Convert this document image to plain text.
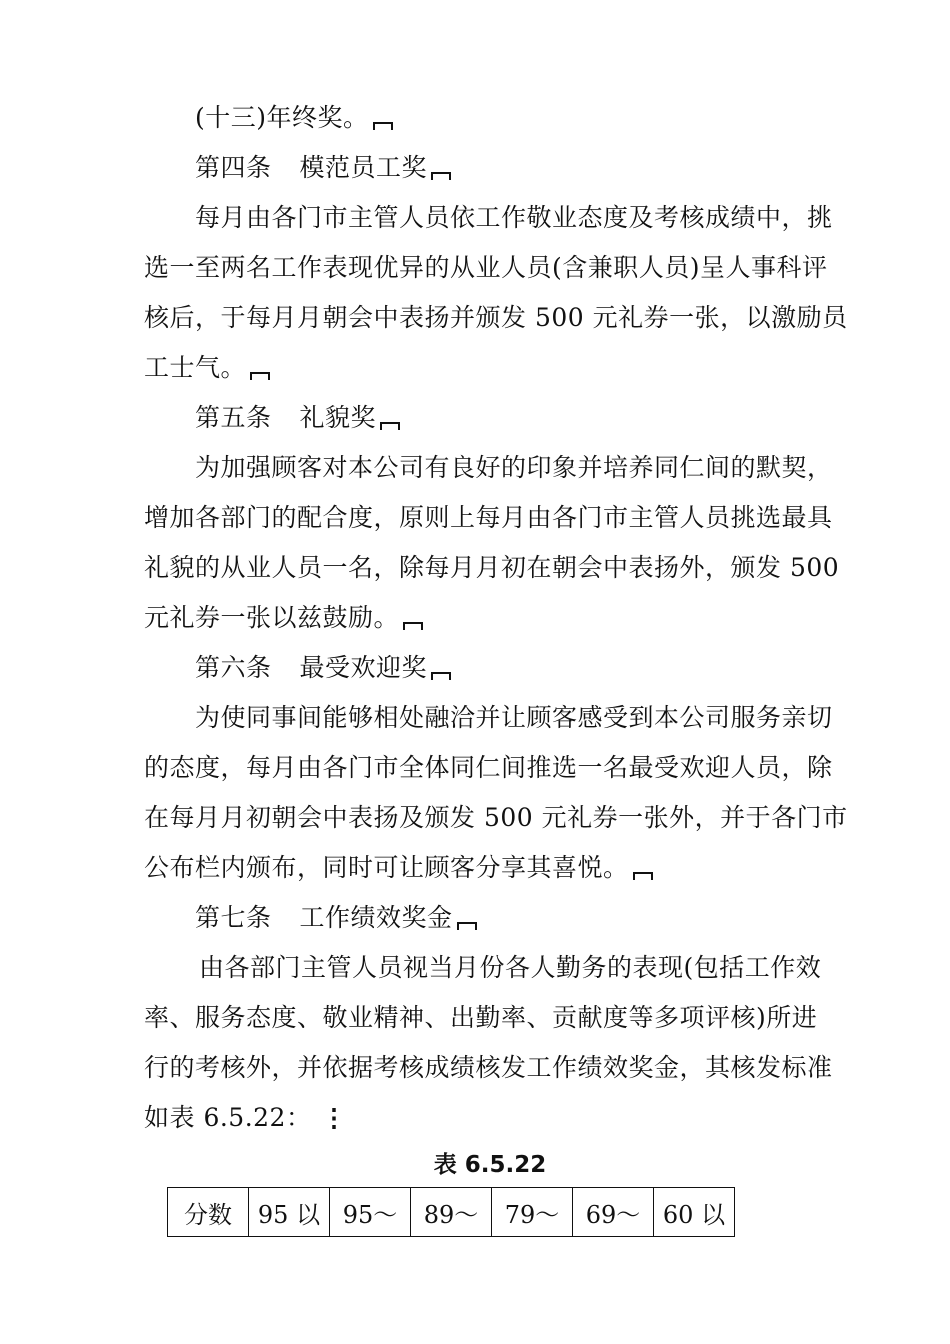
(十三)年终奖。
第四条 模范员工奖
每月由各门市主管人员依工作敬业态度及考核成绩中，挑
选一至两名工作表现优异的从业人员(含兼职人员)呈人事科评
核后，于每月月朝会中表扬并颁发 500 元礼券一张，以激励员
工士气。
第五条 礼貌奖
为加强顾客对本公司有良好的印象并培养同仁间的默契，
增加各部门的配合度，原则上每月由各门市主管人员挑选最具
礼貌的从业人员一名，除每月月初在朝会中表扬外，颁发 500
元礼券一张以兹鼓励。
第六条 最受欢迎奖
为使同事间能够相处融洽并让顾客感受到本公司服务亲切
的态度，每月由各门市全体同仁间推选一名最受欢迎人员，除
在每月月初朝会中表扬及颁发 500 元礼券一张外，并于各门市
公布栏内颁布，同时可让顾客分享其喜悦。
第七条 工作绩效奖金
由各部门主管人员视当月份各人勤务的表现(包括工作效
率、服务态度、敬业精神、出勤率、贡献度等多项评核)所进
行的考核外，并依据考核成绩核发工作绩效奖金，其核发标准
如表 6.5.22： ⋮
表 6.5.22
分数	95 以	95～	89～	79～	69～	60 以
